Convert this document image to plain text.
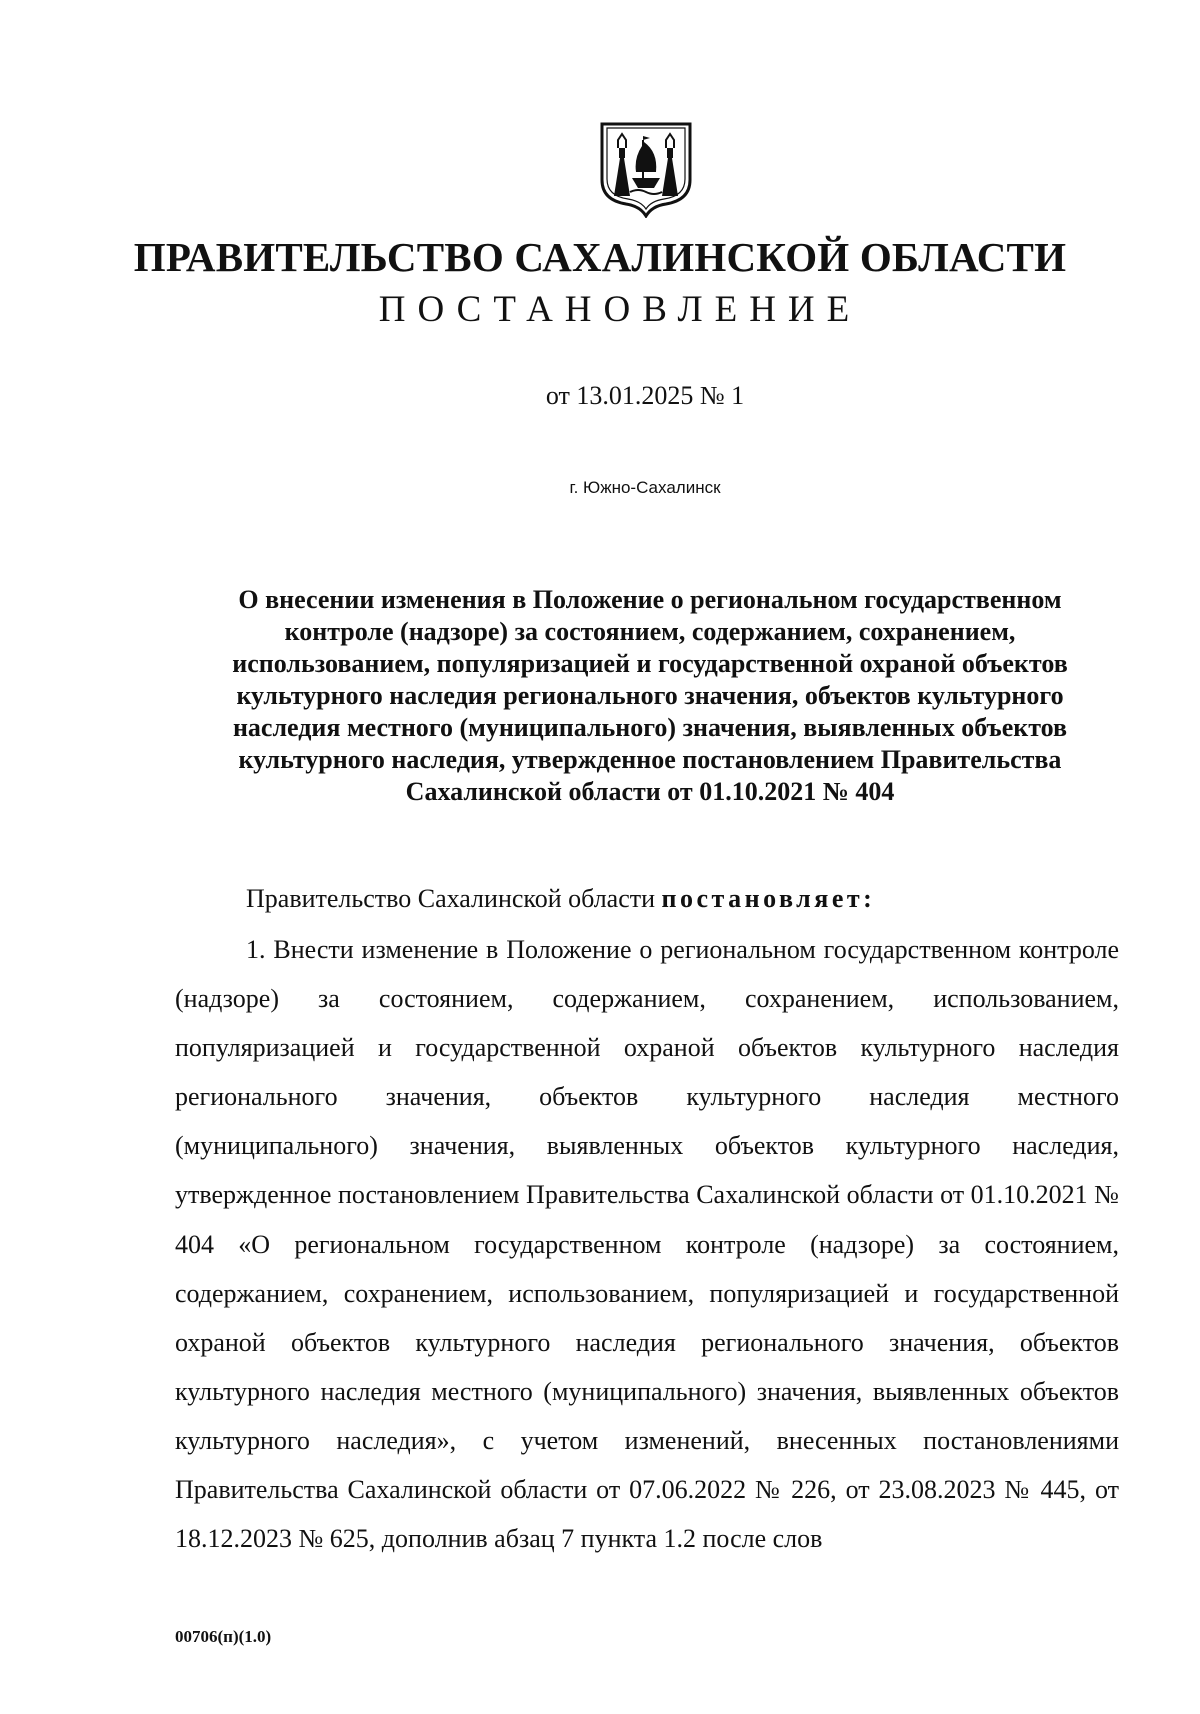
ПРАВИТЕЛЬСТВО САХАЛИНСКОЙ ОБЛАСТИ
ПОСТАНОВЛЕНИЕ
от 13.01.2025 № 1
г. Южно-Сахалинск
О внесении изменения в Положение о региональном государственном контроле (надзоре) за состоянием, содержанием, сохранением, использованием, популяризацией и государственной охраной объектов культурного наследия регионального значения, объектов культурного наследия местного (муниципального) значения, выявленных объектов культурного наследия, утвержденное постановлением Правительства Сахалинской области от 01.10.2021 № 404
Правительство Сахалинской области постановляет:

1. Внести изменение в Положение о региональном государственном контроле (надзоре) за состоянием, содержанием, сохранением, использованием, популяризацией и государственной охраной объектов культурного наследия регионального значения, объектов культурного наследия местного (муниципального) значения, выявленных объектов культурного наследия, утвержденное постановлением Правительства Сахалинской области от 01.10.2021 № 404 «О региональном государственном контроле (надзоре) за состоянием, содержанием, сохранением, использованием, популяризацией и государственной охраной объектов культурного наследия регионального значения, объектов культурного наследия местного (муниципального) значения, выявленных объектов культурного наследия», с учетом изменений, внесенных постановлениями Правительства Сахалинской области от 07.06.2022 № 226, от 23.08.2023 № 445, от 18.12.2023 № 625, дополнив абзац 7 пункта 1.2 после слов

00706(п)(1.0)
